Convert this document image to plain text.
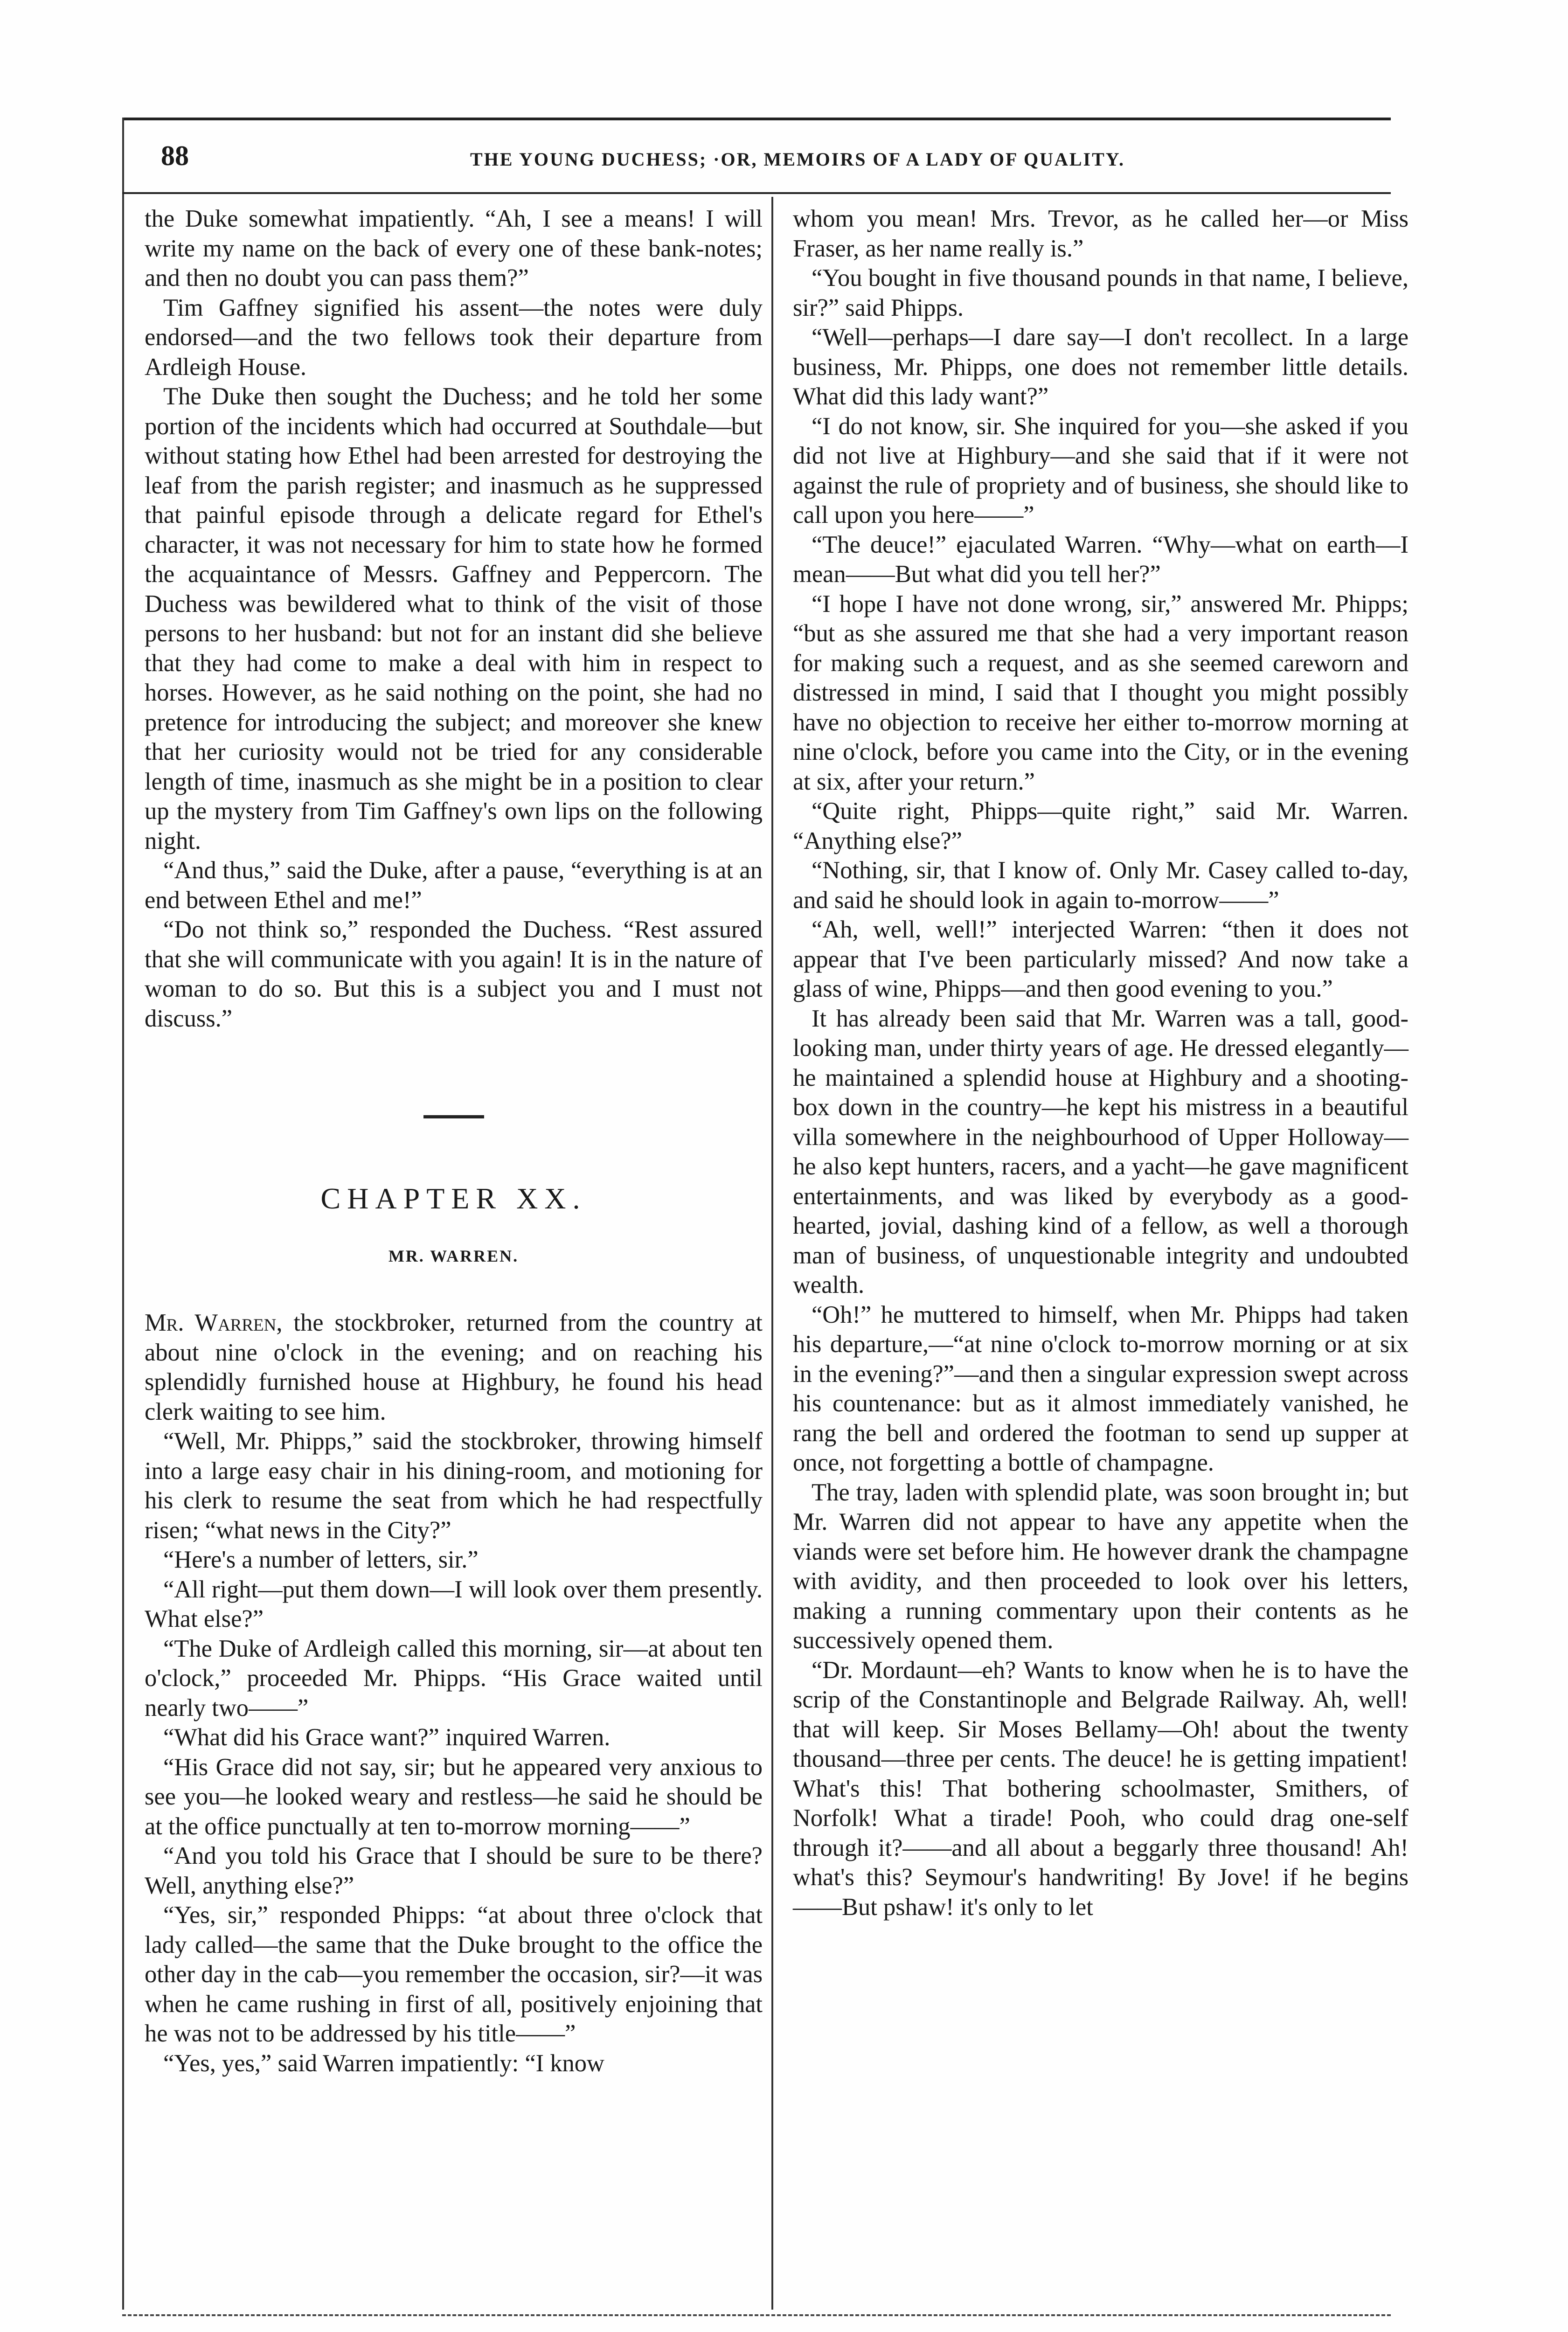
88	THE YOUNG DUCHESS; ·OR, MEMOIRS OF A LADY OF QUALITY.

the Duke somewhat impatiently. “Ah, I see a means! I will write my name on the back of every one of these bank-notes; and then no doubt you can pass them?”

Tim Gaffney signified his assent—the notes were duly endorsed—and the two fellows took their departure from Ardleigh House.

The Duke then sought the Duchess; and he told her some portion of the incidents which had occurred at Southdale—but without stating how Ethel had been arrested for destroying the leaf from the parish register; and inasmuch as he suppressed that painful episode through a delicate regard for Ethel's character, it was not necessary for him to state how he formed the acquaintance of Messrs. Gaffney and Peppercorn. The Duchess was bewildered what to think of the visit of those persons to her husband: but not for an instant did she believe that they had come to make a deal with him in respect to horses. However, as he said nothing on the point, she had no pretence for introducing the subject; and moreover she knew that her curiosity would not be tried for any considerable length of time, inasmuch as she might be in a position to clear up the mystery from Tim Gaffney's own lips on the following night.

“And thus,” said the Duke, after a pause, “everything is at an end between Ethel and me!”

“Do not think so,” responded the Duchess. “Rest assured that she will communicate with you again! It is in the nature of woman to do so. But this is a subject you and I must not discuss.”

CHAPTER XX.
MR. WARREN.

Mr. Warren, the stockbroker, returned from the country at about nine o'clock in the evening; and on reaching his splendidly furnished house at Highbury, he found his head clerk waiting to see him.

“Well, Mr. Phipps,” said the stockbroker, throwing himself into a large easy chair in his dining-room, and motioning for his clerk to resume the seat from which he had respectfully risen; “what news in the City?”

“Here's a number of letters, sir.”

“All right—put them down—I will look over them presently. What else?”

“The Duke of Ardleigh called this morning, sir—at about ten o'clock,” proceeded Mr. Phipps. “His Grace waited until nearly two——”

“What did his Grace want?” inquired Warren.

“His Grace did not say, sir; but he appeared very anxious to see you—he looked weary and restless—he said he should be at the office punctually at ten to-morrow morning——”

“And you told his Grace that I should be sure to be there? Well, anything else?”

“Yes, sir,” responded Phipps: “at about three o'clock that lady called—the same that the Duke brought to the office the other day in the cab—you remember the occasion, sir?—it was when he came rushing in first of all, positively enjoining that he was not to be addressed by his title——”

“Yes, yes,” said Warren impatiently: “I know

whom you mean! Mrs. Trevor, as he called her—or Miss Fraser, as her name really is.”

“You bought in five thousand pounds in that name, I believe, sir?” said Phipps.

“Well—perhaps—I dare say—I don't recollect. In a large business, Mr. Phipps, one does not remember little details. What did this lady want?”

“I do not know, sir. She inquired for you—she asked if you did not live at Highbury—and she said that if it were not against the rule of propriety and of business, she should like to call upon you here——”

“The deuce!” ejaculated Warren. “Why—what on earth—I mean——But what did you tell her?”

“I hope I have not done wrong, sir,” answered Mr. Phipps; “but as she assured me that she had a very important reason for making such a request, and as she seemed careworn and distressed in mind, I said that I thought you might possibly have no objection to receive her either to-morrow morning at nine o'clock, before you came into the City, or in the evening at six, after your return.”

“Quite right, Phipps—quite right,” said Mr. Warren. “Anything else?”

“Nothing, sir, that I know of. Only Mr. Casey called to-day, and said he should look in again to-morrow——”

“Ah, well, well!” interjected Warren: “then it does not appear that I've been particularly missed? And now take a glass of wine, Phipps—and then good evening to you.”

It has already been said that Mr. Warren was a tall, good-looking man, under thirty years of age. He dressed elegantly—he maintained a splendid house at Highbury and a shooting-box down in the country—he kept his mistress in a beautiful villa somewhere in the neighbourhood of Upper Holloway—he also kept hunters, racers, and a yacht—he gave magnificent entertainments, and was liked by everybody as a good-hearted, jovial, dashing kind of a fellow, as well a thorough man of business, of unquestionable integrity and undoubted wealth.

“Oh!” he muttered to himself, when Mr. Phipps had taken his departure,—“at nine o'clock to-morrow morning or at six in the evening?”—and then a singular expression swept across his countenance: but as it almost immediately vanished, he rang the bell and ordered the footman to send up supper at once, not forgetting a bottle of champagne.

The tray, laden with splendid plate, was soon brought in; but Mr. Warren did not appear to have any appetite when the viands were set before him. He however drank the champagne with avidity, and then proceeded to look over his letters, making a running commentary upon their contents as he successively opened them.

“Dr. Mordaunt—eh? Wants to know when he is to have the scrip of the Constantinople and Belgrade Railway. Ah, well! that will keep. Sir Moses Bellamy—Oh! about the twenty thousand—three per cents. The deuce! he is getting impatient! What's this! That bothering schoolmaster, Smithers, of Norfolk! What a tirade! Pooh, who could drag one-self through it?——and all about a beggarly three thousand! Ah! what's this? Seymour's handwriting! By Jove! if he begins——But pshaw! it's only to let
